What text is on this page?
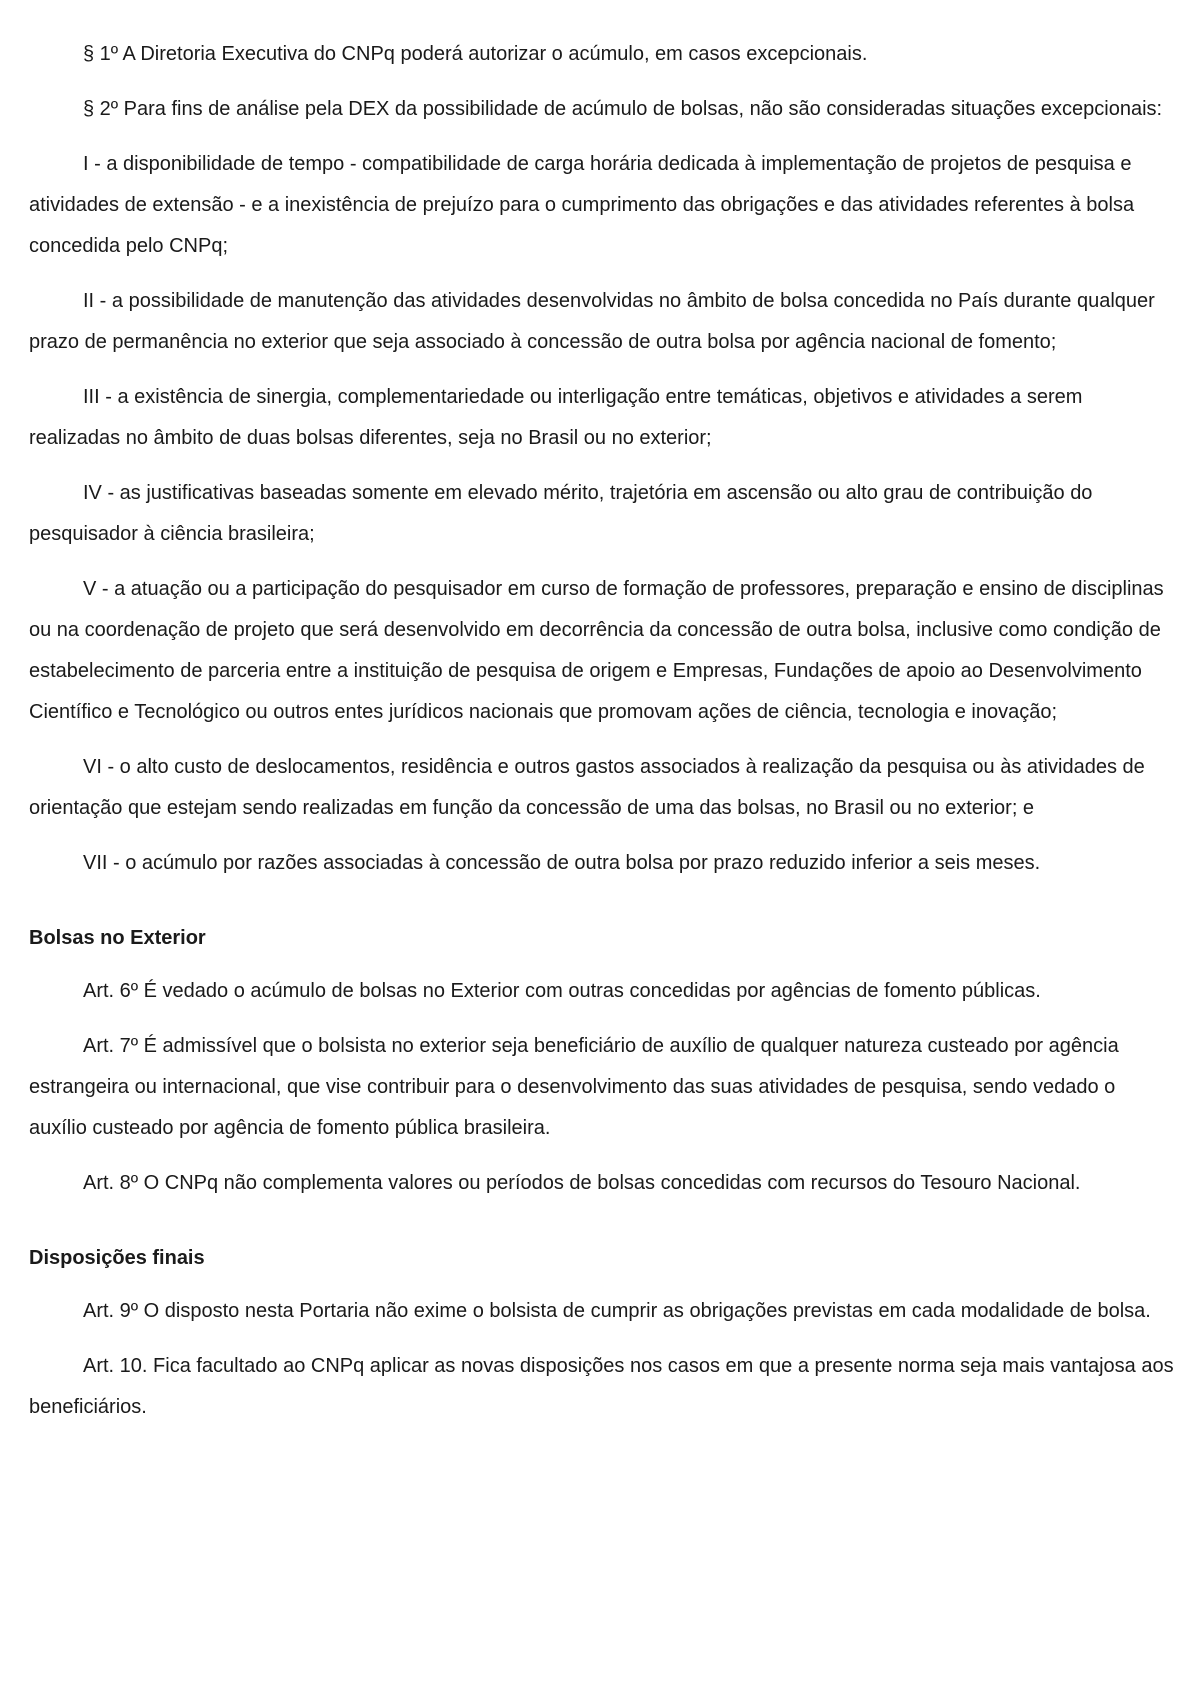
§ 1º A Diretoria Executiva do CNPq poderá autorizar o acúmulo, em casos excepcionais.

§ 2º Para fins de análise pela DEX da possibilidade de acúmulo de bolsas, não são consideradas situações excepcionais:

I - a disponibilidade de tempo - compatibilidade de carga horária dedicada à implementação de projetos de pesquisa e atividades de extensão - e a inexistência de prejuízo para o cumprimento das obrigações e das atividades referentes à bolsa concedida pelo CNPq;

II - a possibilidade de manutenção das atividades desenvolvidas no âmbito de bolsa concedida no País durante qualquer prazo de permanência no exterior que seja associado à concessão de outra bolsa por agência nacional de fomento;

III - a existência de sinergia, complementariedade ou interligação entre temáticas, objetivos e atividades a serem realizadas no âmbito de duas bolsas diferentes, seja no Brasil ou no exterior;

IV - as justificativas baseadas somente em elevado mérito, trajetória em ascensão ou alto grau de contribuição do pesquisador à ciência brasileira;

V - a atuação ou a participação do pesquisador em curso de formação de professores, preparação e ensino de disciplinas ou na coordenação de projeto que será desenvolvido em decorrência da concessão de outra bolsa, inclusive como condição de estabelecimento de parceria entre a instituição de pesquisa de origem e Empresas, Fundações de apoio ao Desenvolvimento Científico e Tecnológico ou outros entes jurídicos nacionais que promovam ações de ciência, tecnologia e inovação;

VI - o alto custo de deslocamentos, residência e outros gastos associados à realização da pesquisa ou às atividades de orientação que estejam sendo realizadas em função da concessão de uma das bolsas, no Brasil ou no exterior; e

VII - o acúmulo por razões associadas à concessão de outra bolsa por prazo reduzido inferior a seis meses.

Bolsas no Exterior

Art. 6º É vedado o acúmulo de bolsas no Exterior com outras concedidas por agências de fomento públicas.

Art. 7º É admissível que o bolsista no exterior seja beneficiário de auxílio de qualquer natureza custeado por agência estrangeira ou internacional, que vise contribuir para o desenvolvimento das suas atividades de pesquisa, sendo vedado o auxílio custeado por agência de fomento pública brasileira.

Art. 8º O CNPq não complementa valores ou períodos de bolsas concedidas com recursos do Tesouro Nacional.

Disposições finais

Art. 9º O disposto nesta Portaria não exime o bolsista de cumprir as obrigações previstas em cada modalidade de bolsa.

Art. 10. Fica facultado ao CNPq aplicar as novas disposições nos casos em que a presente norma seja mais vantajosa aos beneficiários.
